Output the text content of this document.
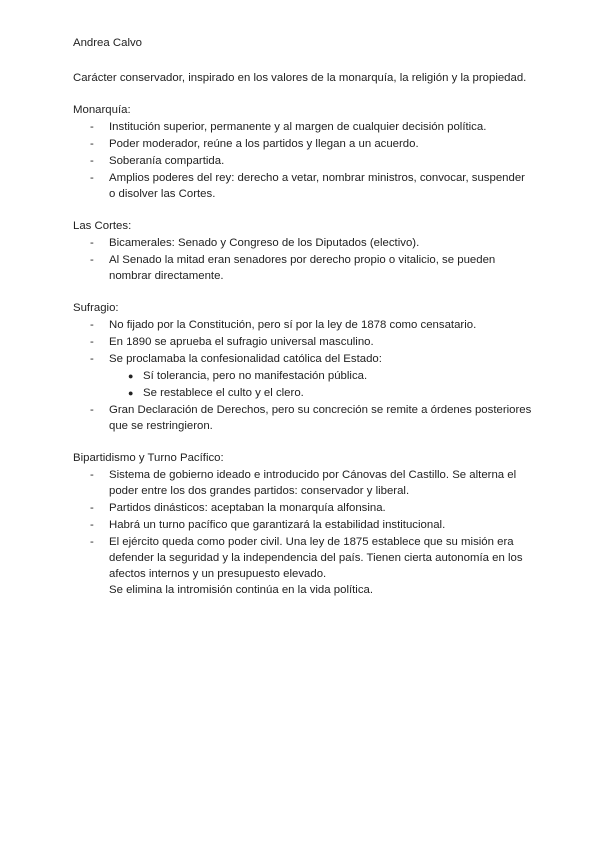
Andrea Calvo

Carácter conservador, inspirado en los valores de la monarquía, la religión y la propiedad.

Monarquía:

- Institución superior, permanente y al margen de cualquier decisión política.
- Poder moderador, reúne a los partidos y llegan a un acuerdo.
- Soberanía compartida.
- Amplios poderes del rey: derecho a vetar, nombrar ministros, convocar, suspender o disolver las Cortes.

Las Cortes:

- Bicamerales: Senado y Congreso de los Diputados (electivo).
- Al Senado la mitad eran senadores por derecho propio o vitalicio, se pueden nombrar directamente.

Sufragio:

- No fijado por la Constitución, pero sí por la ley de 1878 como censatario.
- En 1890 se aprueba el sufragio universal masculino.
- Se proclamaba la confesionalidad católica del Estado:
● Sí tolerancia, pero no manifestación pública.
● Se restablece el culto y el clero.
- Gran Declaración de Derechos, pero su concreción se remite a órdenes posteriores que se restringieron.

Bipartidismo y Turno Pacífico:

- Sistema de gobierno ideado e introducido por Cánovas del Castillo. Se alterna el poder entre los dos grandes partidos: conservador y liberal.
- Partidos dinásticos: aceptaban la monarquía alfonsina.
- Habrá un turno pacífico que garantizará la estabilidad institucional.
- El ejército queda como poder civil. Una ley de 1875 establece que su misión era defender la seguridad y la independencia del país. Tienen cierta autonomía en los afectos internos y un presupuesto elevado.
Se elimina la intromisión continúa en la vida política.
